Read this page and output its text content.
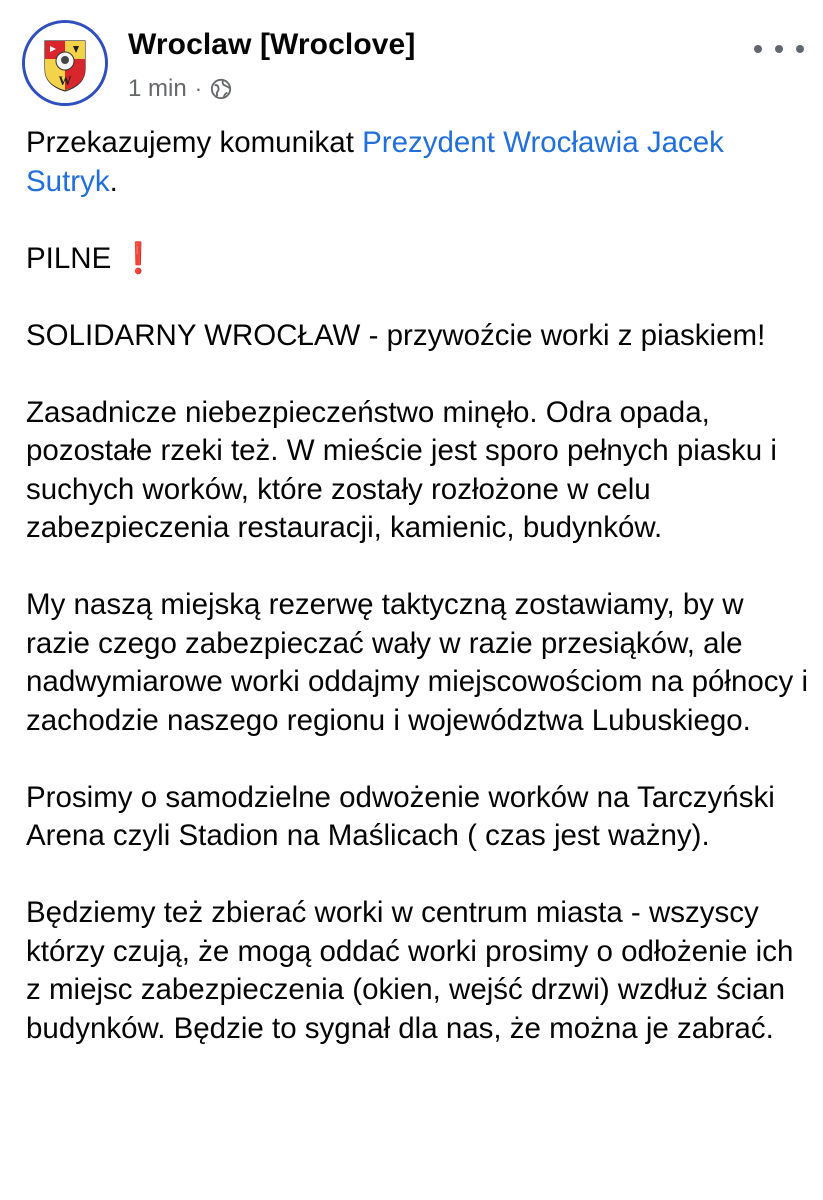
W
Wroclaw [Wroclove]
1 min ·

Przekazujemy komunikat Prezydent Wrocławia Jacek Sutryk.

PILNE ❗

SOLIDARNY WROCŁAW - przywoźcie worki z piaskiem!

Zasadnicze niebezpieczeństwo minęło. Odra opada, pozostałe rzeki też. W mieście jest sporo pełnych piasku i suchych worków, które zostały rozłożone w celu zabezpieczenia restauracji, kamienic, budynków.

My naszą miejską rezerwę taktyczną zostawiamy, by w razie czego zabezpieczać wały w razie przesiąków, ale nadwymiarowe worki oddajmy miejscowościom na północy i zachodzie naszego regionu i województwa Lubuskiego.

Prosimy o samodzielne odwożenie worków na Tarczyński Arena czyli Stadion na Maślicach ( czas jest ważny).

Będziemy też zbierać worki w centrum miasta - wszyscy którzy czują, że mogą oddać worki prosimy o odłożenie ich z miejsc zabezpieczenia (okien, wejść drzwi) wzdłuż ścian budynków. Będzie to sygnał dla nas, że można je zabrać.
